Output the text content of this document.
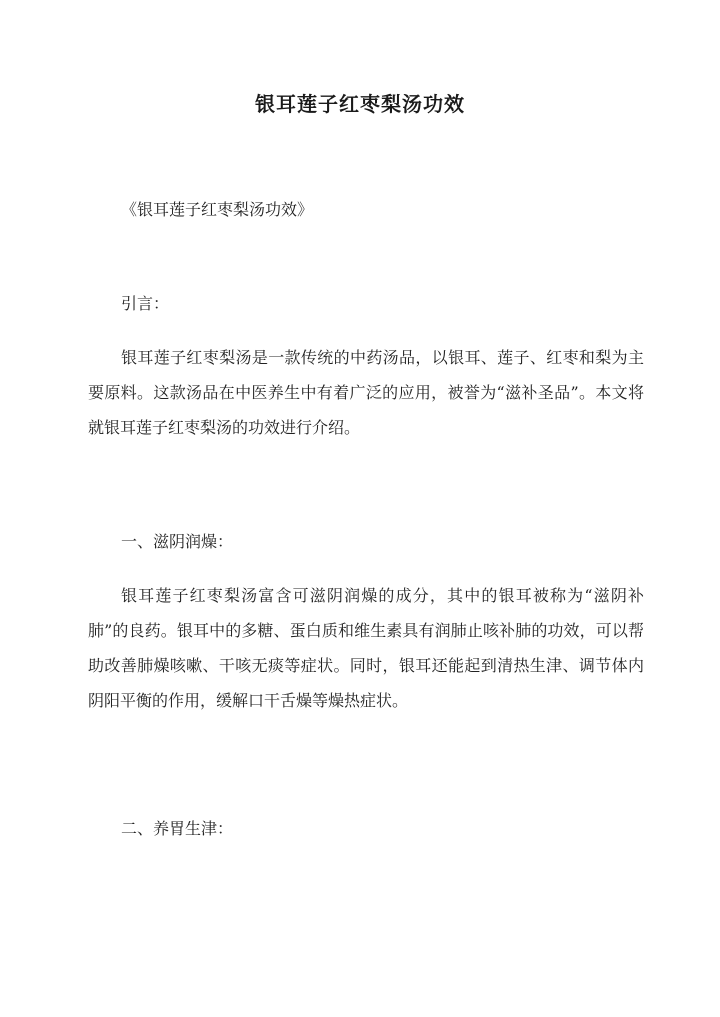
银耳莲子红枣梨汤功效

《银耳莲子红枣梨汤功效》

引言：

银耳莲子红枣梨汤是一款传统的中药汤品，以银耳、莲子、红枣和梨为主要原料。这款汤品在中医养生中有着广泛的应用，被誉为“滋补圣品”。本文将就银耳莲子红枣梨汤的功效进行介绍。

一、滋阴润燥：

银耳莲子红枣梨汤富含可滋阴润燥的成分，其中的银耳被称为“滋阴补肺”的良药。银耳中的多糖、蛋白质和维生素具有润肺止咳补肺的功效，可以帮助改善肺燥咳嗽、干咳无痰等症状。同时，银耳还能起到清热生津、调节体内阴阳平衡的作用，缓解口干舌燥等燥热症状。

二、养胃生津：
